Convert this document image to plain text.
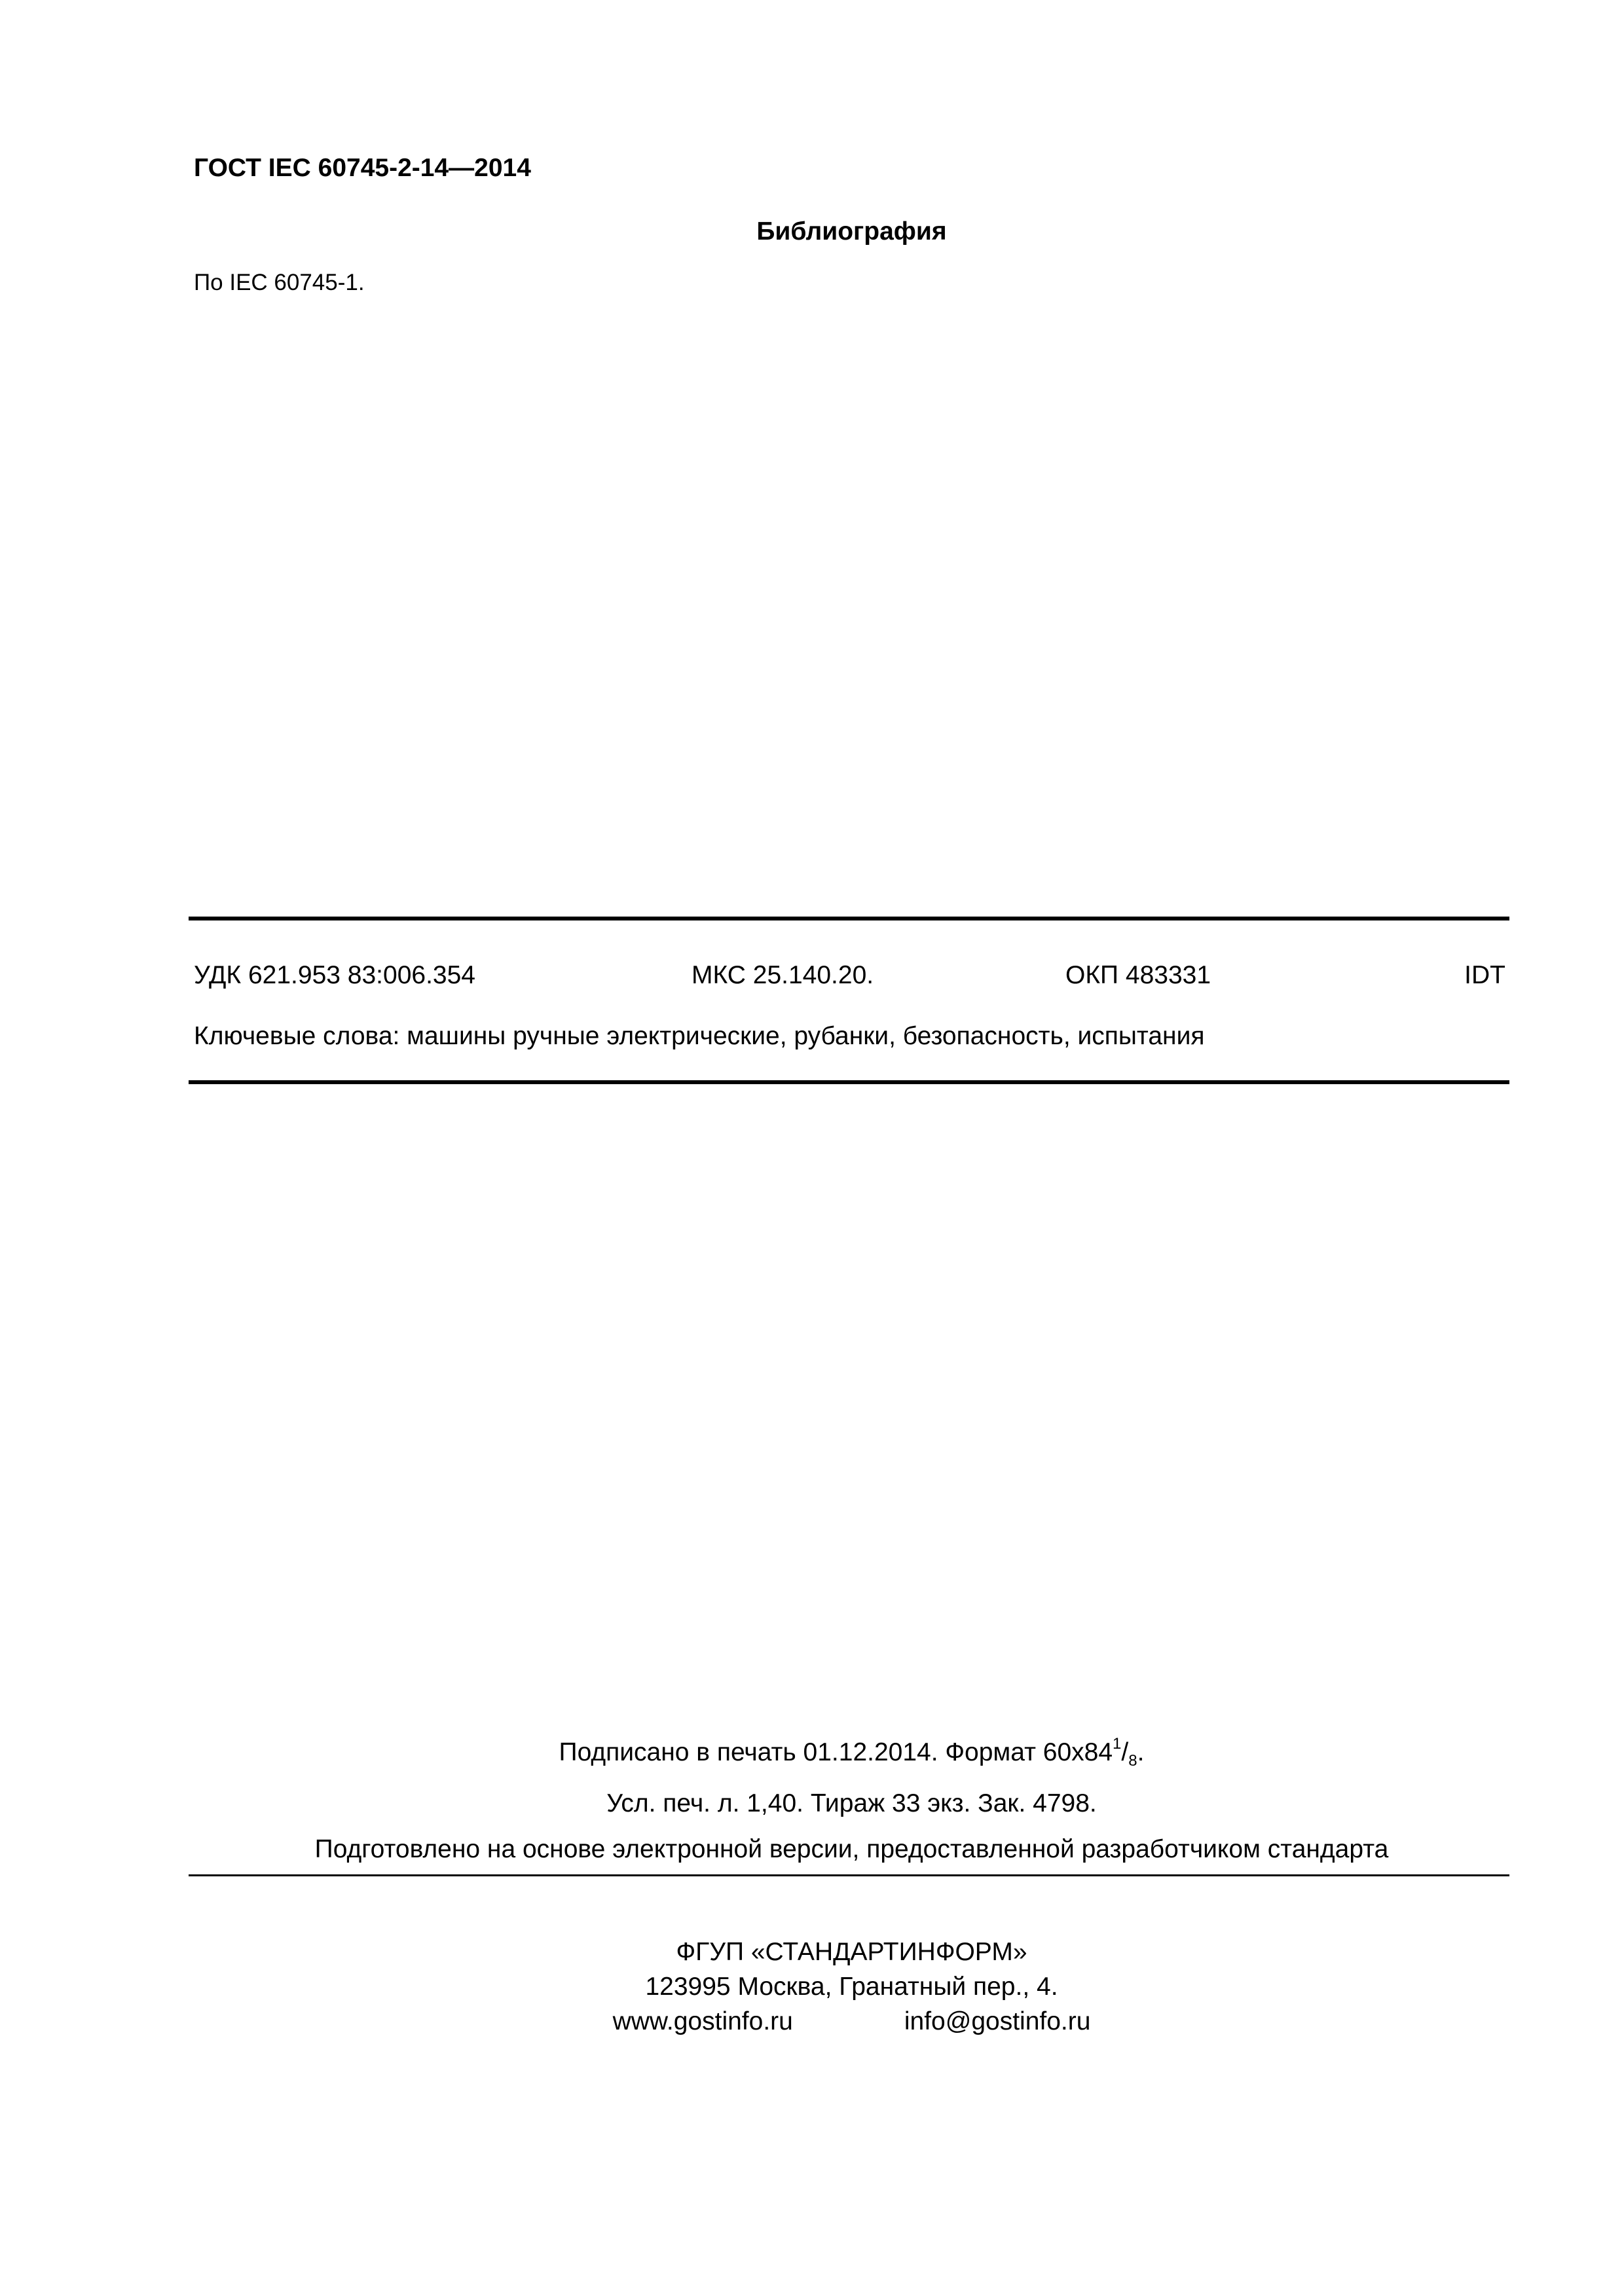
ГОСТ IEC 60745-2-14—2014
Библиография
По IEC 60745-1.
УДК 621.953 83:006.354	МКС 25.140.20.	ОКП 483331	IDT
Ключевые слова: машины ручные электрические, рубанки, безопасность, испытания
Подписано в печать 01.12.2014. Формат $60x84^1/_8$.
Усл. печ. л. 1,40. Тираж 33 экз. Зак. 4798.
Подготовлено на основе электронной версии, предоставленной разработчиком стандарта
ФГУП «СТАНДАРТИНФОРМ»
123995 Москва, Гранатный пер., 4.
www.gostinfo.ru	info@gostinfo.ru
